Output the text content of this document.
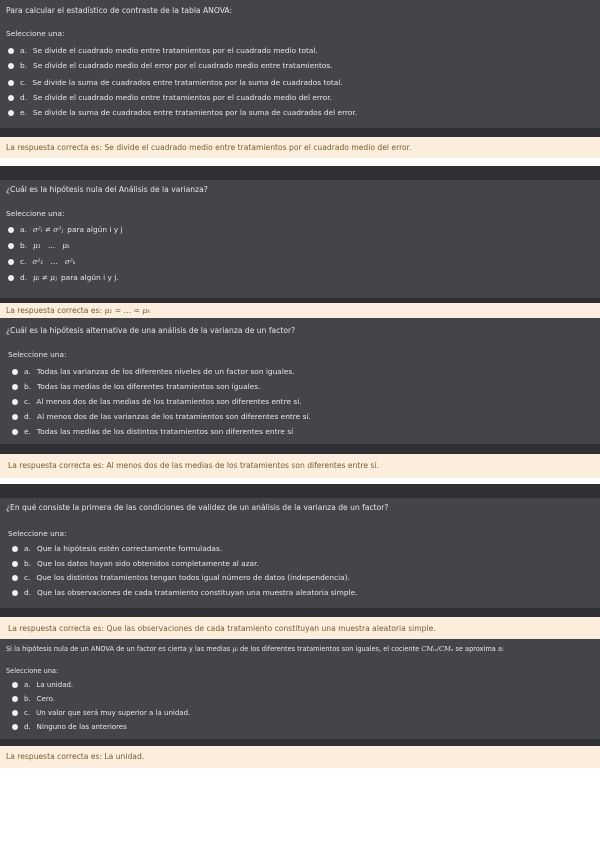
Para calcular el estadístico de contraste de la tabla ANOVA:
Seleccione una:
a. Se divide el cuadrado medio entre tratamientos por el cuadrado medio total.
b. Se divide el cuadrado medio del error por el cuadrado medio entre tratamientos.
c. Se divide la suma de cuadrados entre tratamientos por la suma de cuadrados total.
d. Se divide el cuadrado medio entre tratamientos por el cuadrado medio del error.
e. Se divide la suma de cuadrados entre tratamientos por la suma de cuadrados del error.
La respuesta correcta es: Se divide el cuadrado medio entre tratamientos por el cuadrado medio del error.
¿Cuál es la hipótesis nula del Análisis de la varianza?
Seleccione una:
a. σ²ᵢ ≠ σ²ⱼ para algún i y j
b. μ₁   …   μₖ
c. σ²₁   …   σ²ₖ
d. μᵢ ≠ μⱼ para algún i y j.
La respuesta correcta es: μ₁ = … = μₖ
¿Cuál es la hipótesis alternativa de una análisis de la varianza de un factor?
Seleccione una:
a. Todas las varianzas de los diferentes niveles de un factor son iguales.
b. Todas las medias de los diferentes tratamientos son iguales.
c. Al menos dos de las medias de los tratamientos son diferentes entre sí.
d. Al menos dos de las varianzas de los tratamientos son diferentes entre sí.
e. Todas las medias de los distintos tratamientos son diferentes entre sí
La respuesta correcta es: Al menos dos de las medias de los tratamientos son diferentes entre sí.
¿En qué consiste la primera de las condiciones de validez de un análisis de la varianza de un factor?
Seleccione una:
a. Que la hipótesis estén correctamente formuladas.
b. Que los datos hayan sido obtenidos completamente al azar.
c. Que los distintos tratamientos tengan todos igual número de datos (independencia).
d. Que las observaciones de cada tratamiento constituyan una muestra aleatoria simple.
La respuesta correcta es: Que las observaciones de cada tratamiento constituyan una muestra aleatoria simple.
Si la hipótesis nula de un ANOVA de un factor es cierta y las medias μᵢ de los diferentes tratamientos son iguales, el cociente CMᵢᵣ/CMₑ se aproxima a:
Seleccione una:
a. La unidad.
b. Cero.
c. Un valor que será muy superior a la unidad.
d. Ninguno de las anteriores
La respuesta correcta es: La unidad.
